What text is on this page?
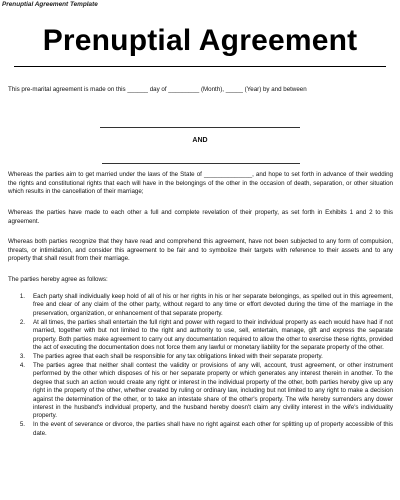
Prenuptial Agreement Template
Prenuptial Agreement

This pre-marital agreement is made on this ______ day of _________ (Month), _____ (Year) by and between

AND

Whereas the parties aim to get married under the laws of the State of ______________, and hope to set forth in advance of their wedding the rights and constitutional rights that each will have in the belongings of the other in the occasion of death, separation, or other situation which results in the cancellation of their marriage;

Whereas the parties have made to each other a full and complete revelation of their property, as set forth in Exhibits 1 and 2 to this agreement.

Whereas both parties recognize that they have read and comprehend this agreement, have not been subjected to any form of compulsion, threats, or intimidation, and consider this agreement to be fair and to symbolize their targets with reference to their assets and to any property that shall result from their marriage.

The parties hereby agree as follows:

1.	Each party shall individually keep hold of all of his or her rights in his or her separate belongings, as spelled out in this agreement, free and clear of any claim of the other party, without regard to any time or effort devoted during the time of the marriage in the preservation, organization, or enhancement of that separate property.
2.	At all times, the parties shall entertain the full right and power with regard to their individual property as each would have had if not married, together with but not limited to the right and authority to use, sell, entertain, manage, gift and express the separate property. Both parties make agreement to carry out any documentation required to allow the other to exercise these rights, provided the act of executing the documentation does not force them any lawful or monetary liability for the separate property of the other.
3.	The parties agree that each shall be responsible for any tax obligations linked with their separate property.
4.	The parties agree that neither shall contest the validity or provisions of any will, account, trust agreement, or other instrument performed by the other which disposes of his or her separate property or which generates any interest therein in another. To the degree that such an action would create any right or interest in the individual property of the other, both parties hereby give up any right in the property of the other, whether created by ruling or ordinary law, including but not limited to any right to make a decision against the determination of the other, or to take an intestate share of the other's property. The wife hereby surrenders any dower interest in the husband's individual property, and the husband hereby doesn't claim any civility interest in the wife's individuality property.
5.	In the event of severance or divorce, the parties shall have no right against each other for splitting up of property accessible of this date.
